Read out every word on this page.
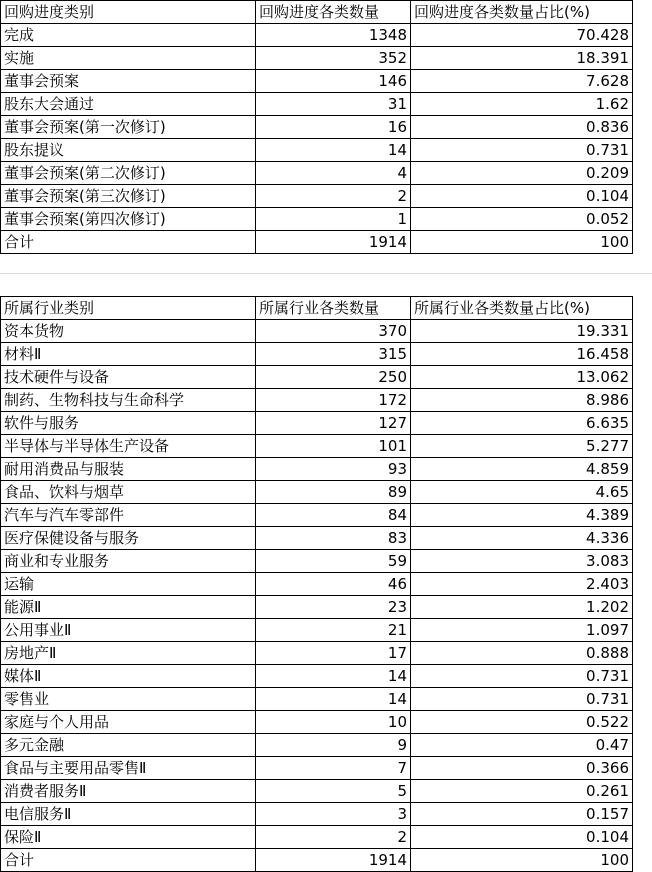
回购进度类别	回购进度各类数量	回购进度各类数量占比(%)
完成	1348	70.428
实施	352	18.391
董事会预案	146	7.628
股东大会通过	31	1.62
董事会预案(第一次修订)	16	0.836
股东提议	14	0.731
董事会预案(第二次修订)	4	0.209
董事会预案(第三次修订)	2	0.104
董事会预案(第四次修订)	1	0.052
合计	1914	100
所属行业类别	所属行业各类数量	所属行业各类数量占比(%)
资本货物	370	19.331
材料Ⅱ	315	16.458
技术硬件与设备	250	13.062
制药、生物科技与生命科学	172	8.986
软件与服务	127	6.635
半导体与半导体生产设备	101	5.277
耐用消费品与服装	93	4.859
食品、饮料与烟草	89	4.65
汽车与汽车零部件	84	4.389
医疗保健设备与服务	83	4.336
商业和专业服务	59	3.083
运输	46	2.403
能源Ⅱ	23	1.202
公用事业Ⅱ	21	1.097
房地产Ⅱ	17	0.888
媒体Ⅱ	14	0.731
零售业	14	0.731
家庭与个人用品	10	0.522
多元金融	9	0.47
食品与主要用品零售Ⅱ	7	0.366
消费者服务Ⅱ	5	0.261
电信服务Ⅱ	3	0.157
保险Ⅱ	2	0.104
合计	1914	100
